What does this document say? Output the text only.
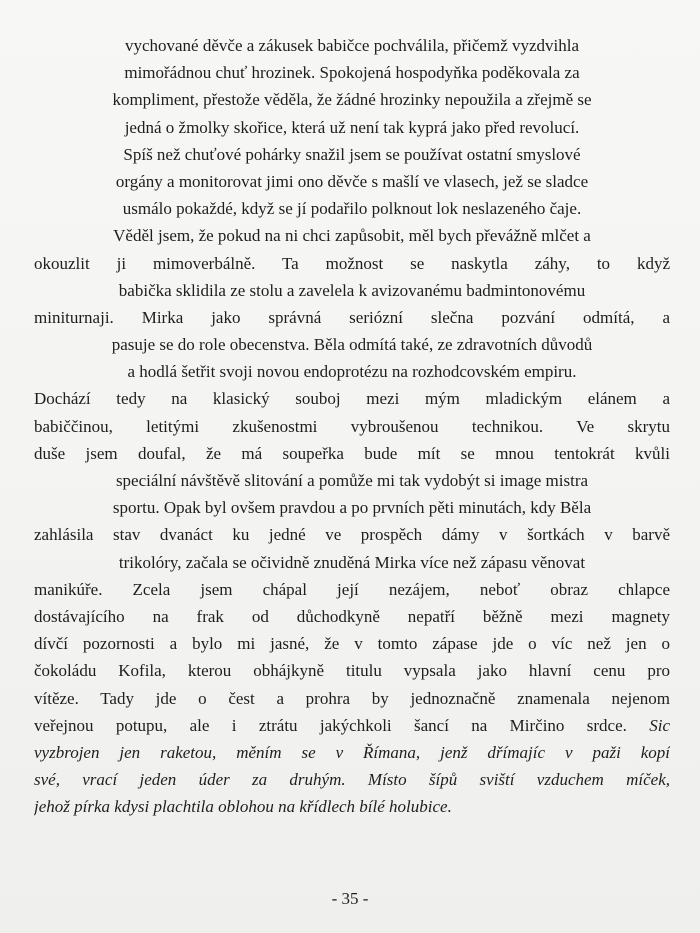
vychované děvče a zákusek babičce pochválila, přičemž vyzdvihla
mimořádnou chuť hrozinek. Spokojená hospodyňka poděkovala za
kompliment, přestože věděla, že žádné hrozinky nepoužila a zřejmě se
jedná o žmolky skořice, která už není tak kyprá jako před revolucí.
Spíš než chuťové pohárky snažil jsem se používat ostatní smyslové
orgány a monitorovat jimi ono děvče s mašlí ve vlasech, jež se sladce
usmálo pokaždé, když se jí podařilo polknout lok neslazeného čaje.
Věděl jsem, že pokud na ni chci zapůsobit, měl bych převážně mlčet a
okouzlit ji mimoverbálně. Ta možnost se naskytla záhy, to když
babička sklidila ze stolu a zavelela k avizovanému badmintonovému
miniturnaji. Mirka jako správná seriózní slečna pozvání odmítá, a
pasuje se do role obecenstva. Běla odmítá také, ze zdravotních důvodů
a hodlá šetřit svoji novou endoprotézu na rozhodcovském empiru.
Dochází tedy na klasický souboj mezi mým mladickým elánem a
babiččinou, letitými zkušenostmi vybroušenou technikou. Ve skrytu
duše jsem doufal, že má soupeřka bude mít se mnou tentokrát kvůli
speciální návštěvě slitování a pomůže mi tak vydobýt si image mistra
sportu. Opak byl ovšem pravdou a po prvních pěti minutách, kdy Běla
zahlásila stav dvanáct ku jedné ve prospěch dámy v šortkách v barvě
trikolóry, začala se očividně znuděná Mirka více než zápasu věnovat
manikúře. Zcela jsem chápal její nezájem, neboť obraz chlapce
dostávajícího na frak od důchodkyně nepatří běžně mezi magnety
dívčí pozornosti a bylo mi jasné, že v tomto zápase jde o víc než jen o
čokoládu Kofila, kterou obhájkyně titulu vypsala jako hlavní cenu pro
vítěze. Tady jde o čest a prohra by jednoznačně znamenala nejenom
veřejnou potupu, ale i ztrátu jakýchkoli šancí na Mirčino srdce. Sic
vyzbrojen jen raketou, měním se v Římana, jenž dřímajíc v paži kopí
své, vrací jeden úder za druhým. Místo šípů sviští vzduchem míček,
jehož pírka kdysi plachtila oblohou na křídlech bílé holubice.
- 35 -
